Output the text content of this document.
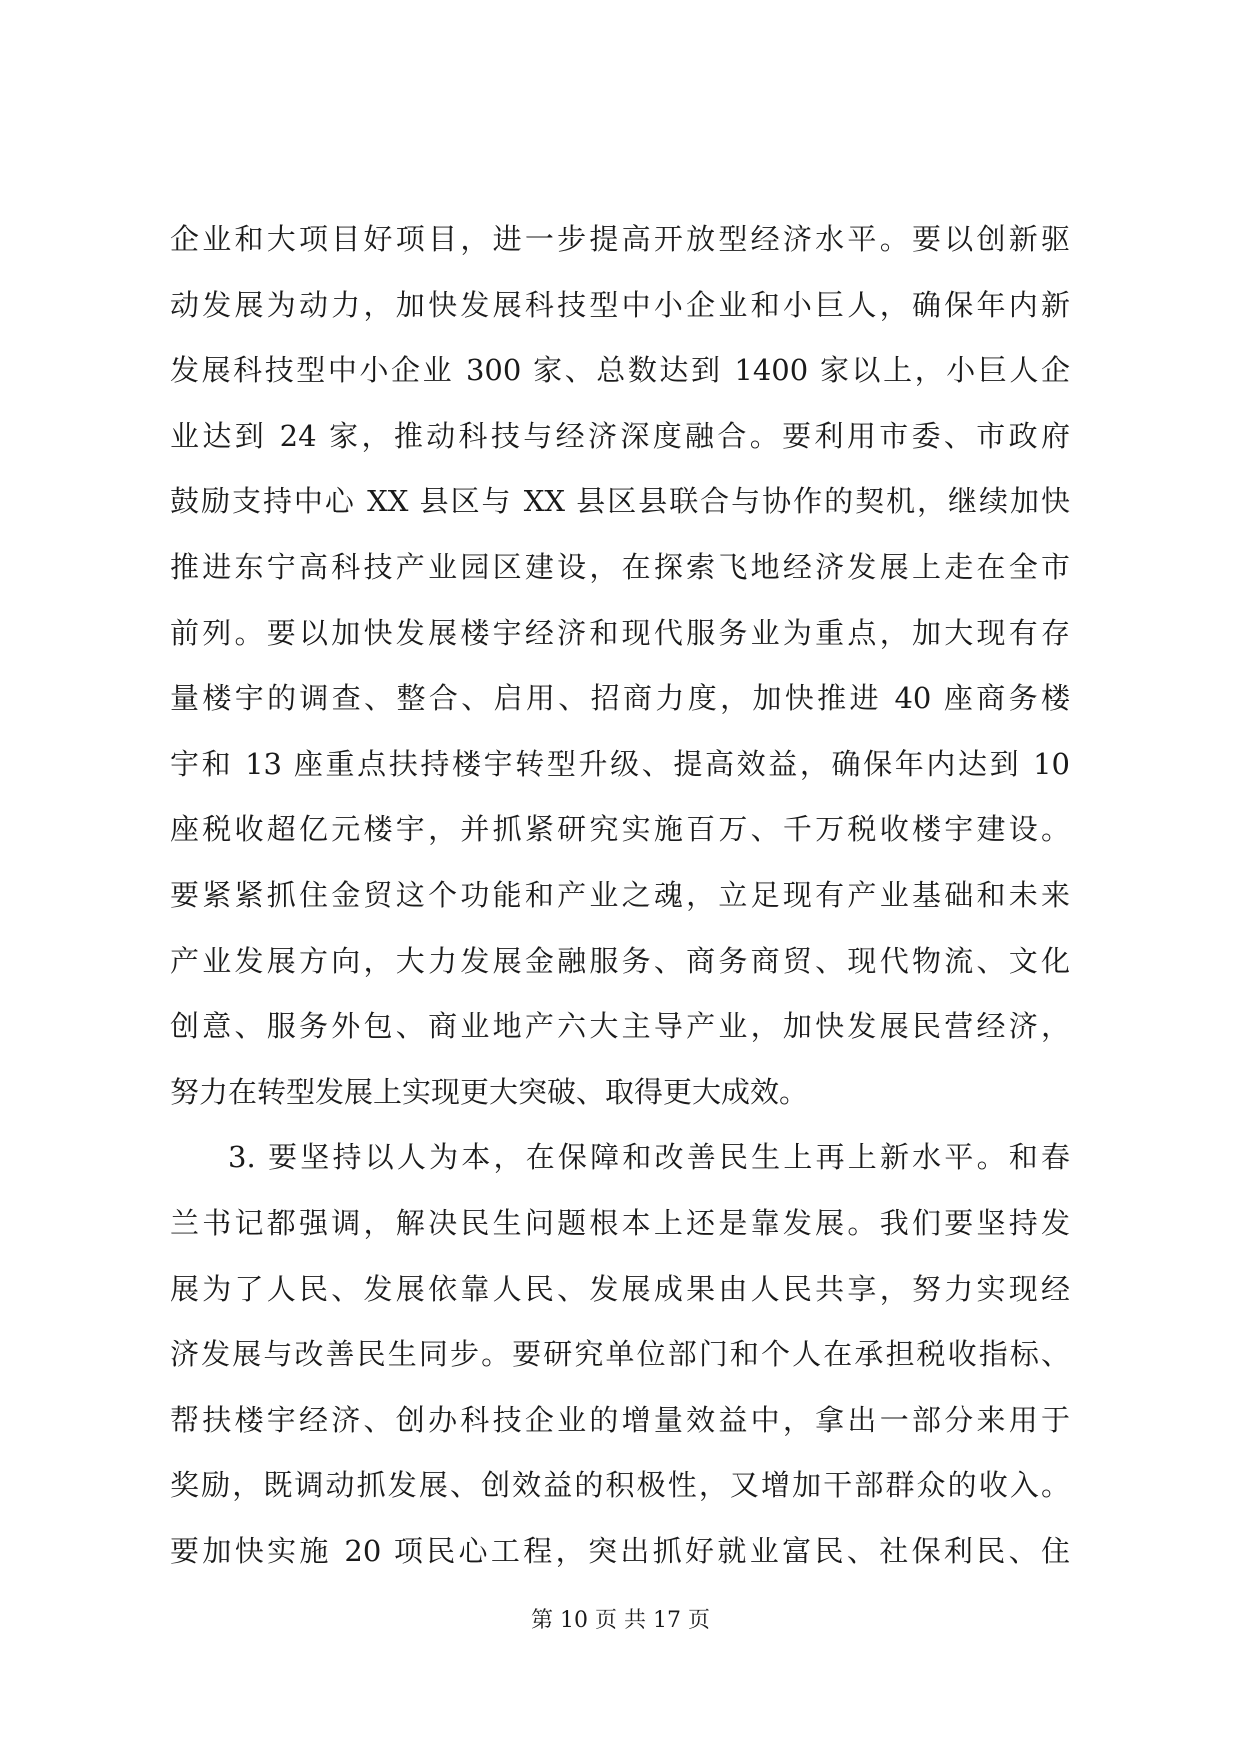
企业和大项目好项目，进一步提高开放型经济水平。要以创新驱
动发展为动力，加快发展科技型中小企业和小巨人，确保年内新
发展科技型中小企业 300 家、总数达到 1400 家以上，小巨人企
业达到 24 家，推动科技与经济深度融合。要利用市委、市政府
鼓励支持中心 XX 县区与 XX 县区县联合与协作的契机，继续加快
推进东宁高科技产业园区建设，在探索飞地经济发展上走在全市
前列。要以加快发展楼宇经济和现代服务业为重点，加大现有存
量楼宇的调查、整合、启用、招商力度，加快推进 40 座商务楼
宇和 13 座重点扶持楼宇转型升级、提高效益，确保年内达到 10
座税收超亿元楼宇，并抓紧研究实施百万、千万税收楼宇建设。
要紧紧抓住金贸这个功能和产业之魂，立足现有产业基础和未来
产业发展方向，大力发展金融服务、商务商贸、现代物流、文化
创意、服务外包、商业地产六大主导产业，加快发展民营经济，
努力在转型发展上实现更大突破、取得更大成效。
3. 要坚持以人为本，在保障和改善民生上再上新水平。和春
兰书记都强调，解决民生问题根本上还是靠发展。我们要坚持发
展为了人民、发展依靠人民、发展成果由人民共享，努力实现经
济发展与改善民生同步。要研究单位部门和个人在承担税收指标、
帮扶楼宇经济、创办科技企业的增量效益中，拿出一部分来用于
奖励，既调动抓发展、创效益的积极性，又增加干部群众的收入。
要加快实施 20 项民心工程，突出抓好就业富民、社保利民、住
第 10 页 共 17 页
